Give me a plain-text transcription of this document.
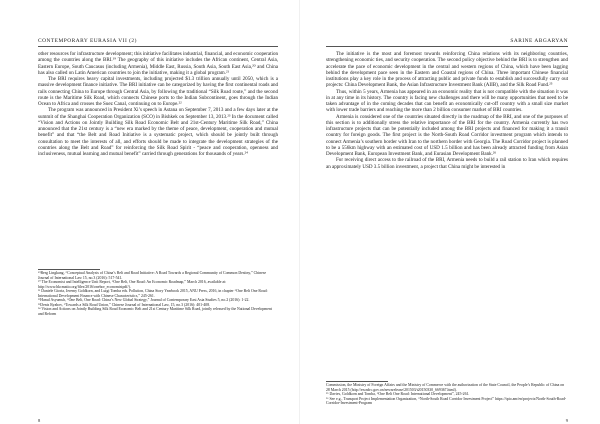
CONTEMPORARY EURASIA VII (2)

other resources for infrastructure development; this initiative facilitates industrial, financial, and economic cooperation among the countries along the BRI.¹⁹ The geography of this initiative includes the African continent, Central Asia, Eastern Europe, South Caucasus (including Armenia), Middle East, Russia, South Asia, South East Asia,²⁰ and China has also called on Latin American countries to join the initiative, making it a global program.²¹

The BRI requires heavy capital investments, including projected $1.3 trillion annually until 2050, which is a massive development finance initiative. The BRI initiative can be categorized by having the first continental roads and rails connecting China to Europe through Central Asia, by following the traditional “Silk Road route,” and the second route is the Maritime Silk Road, which connects Chinese ports to the Indian Subcontinent, goes through the Indian Ocean to Africa and crosses the Suez Canal, continuing on to Europe.²²

The program was announced in President Xi’s speech in Astana on September 7, 2013 and a few days later at the summit of the Shanghai Cooperation Organization (SCO) in Bishkek on September 13, 2013.²³ In the document called “Vision and Actions on Jointly Building Silk Road Economic Belt and 21st-Century Maritime Silk Road,” China announced that the 21st century is a “new era marked by the theme of peace, development, cooperation and mutual benefit” and that “the Belt and Road Initiative is a systematic project, which should be jointly built through consultation to meet the interests of all, and efforts should be made to integrate the development strategies of the countries along the Belt and Road” for reinforcing the Silk Road Spirit - “peace and cooperation, openness and inclusiveness, mutual learning and mutual benefit” carried through generations for thousands of years.²⁴

¹⁹Berg Lingkang, “Conceptual Analysis of China’s Belt and Road Initiative: A Road Towards a Regional Community of Common Destiny,” Chinese Journal of International Law 15, no.3 (2016): 517-541.

²⁰ The Economist and Intelligence Unit Report, “One Belt, One Road: An Economic Roadmap,” March 2016, available at: http://www.hkcmatio.org/files/2016/onebor_economistpdf/).

²¹ Daniele Gioria, Jeremy Goldkorn, and Luigi Tomba eds. Pollution, China Story Yearbook 2015, ANU Press, 2016, in chapter “One Belt One Road: International Development Finance with Chinese Characteristics,” 245-261.

²²Hanul Asyumsh, “One Belt, One Road: China’s New Global Strategy,” Journal of Contemporary East Asia Studies 5, no.2 (2016): 1-22.

²³Denis Ryabov, “Towards a Silk Road Union,” Chinese Journal of International Law, 15, no.3 (2016): 401-408.

²⁴ Vision and Actions on Jointly Building Silk Road Economic Belt and 21st Century Maritime Silk Road, jointly released by the National Development and Reform

8
SARINE ABGARYAN

The initiative is the most and foremost towards reinforcing China relations with its neighboring countries, strengthening economic ties, and security cooperation. The second policy objective behind the BRI is to strengthen and accelerate the pace of economic development in the central and western regions of China, which have been lagging behind the development pace seen in the Eastern and Coastal regions of China. Three important Chinese financial institutions play a key role in the process of attracting public and private funds to establish and successfully carry out projects: China Development Bank, the Asian Infrastructure Investment Bank (AIIB), and the Silk Road Fund.²⁵

Thus, within 5 years, Armenia has appeared in an economic reality that is not compatible with the situation it was in at any time in its history. The country is facing new challenges and there will be many opportunities that need to be taken advantage of in the coming decades that can benefit an economically cut-off country with a small size market with lower trade barriers and reaching the more than 2 billion consumer market of BRI countries.

Armenia is considered one of the countries situated directly in the roadmap of the BRI, and one of the purposes of this section is to additionally stress the relative importance of the BRI for the country. Armenia currently has two infrastructure projects that can be potentially included among the BRI projects and financed for making it a transit country for foreign goods. The first project is the North-South Road Corridor investment program which intends to connect Armenia’s southern border with Iran to the northern border with Georgia. The Road Corridor project is planned to be a 556km highway with an estimated cost of USD 1.5 billion and has been already attracted funding from Asian Development Bank, European Investment Bank, and Eurasian Development Bank.²⁶

For receiving direct access to the railroad of the BRI, Armenia needs to build a rail station to Iran which requires an approximately USD 3.5 billion investment, a project that China might be interested in

Commission, the Ministry of Foreign Affairs and the Ministry of Commerce with the authorization of the State Council, the People’s Republic of China on 28 March 2015 (http://en.ndrc.gov.cn/newsrelease/201503/t20150330_669367.html).

²⁵ Davies, Goldkorn and Tomba, “One Belt One Road: International Development”, 245-261.

²⁶ See e.g., Transport Project Implementation Organization, “North-South Road Corridor Investment Project” https://tpio.am/en/projects/North-South-Road-Corridor-Investment-Program

9
